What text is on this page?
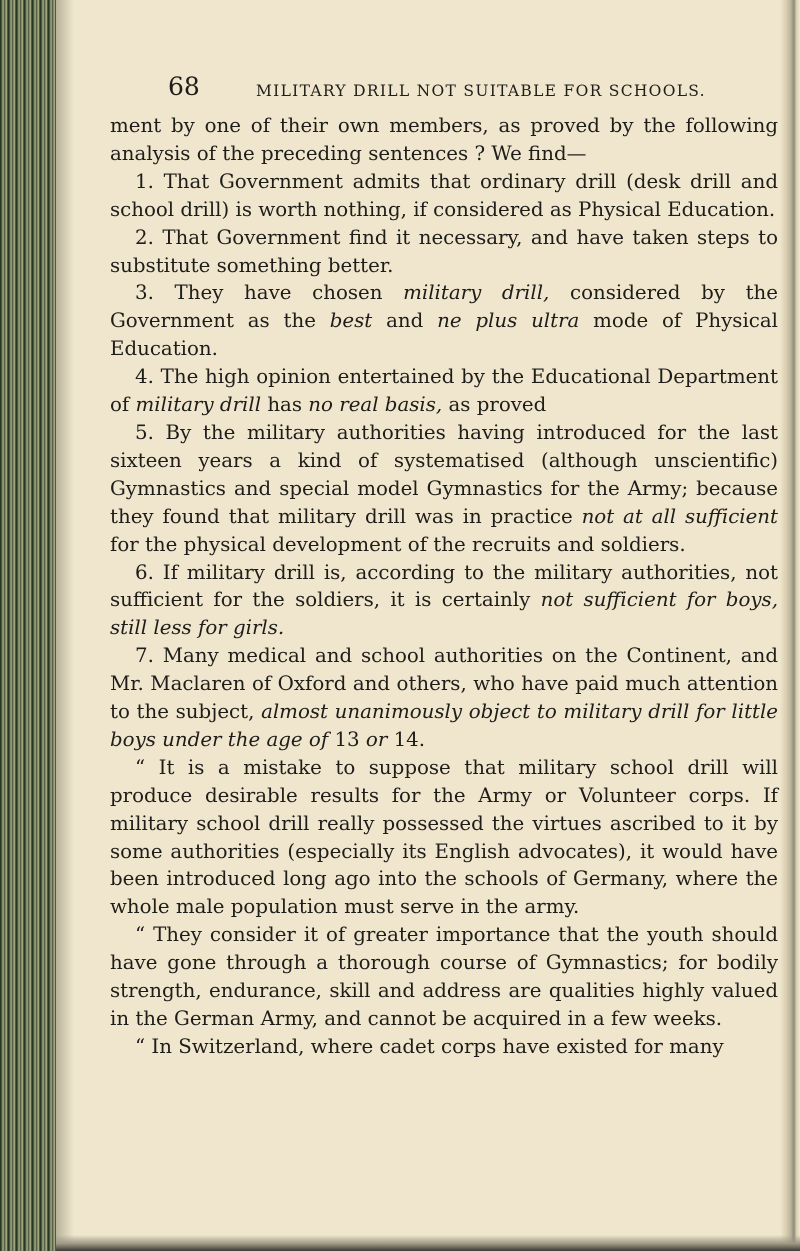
68	MILITARY DRILL NOT SUITABLE FOR SCHOOLS.

ment by one of their own members, as proved by the following analysis of the preceding sentences ? We find—

1. That Government admits that ordinary drill (desk drill and school drill) is worth nothing, if considered as Physical Education.

2. That Government find it necessary, and have taken steps to substitute something better.

3. They have chosen military drill, considered by the Government as the best and ne plus ultra mode of Physical Education.

4. The high opinion entertained by the Educational Department of military drill has no real basis, as proved

5. By the military authorities having introduced for the last sixteen years a kind of systematised (although unscientific) Gymnastics and special model Gymnastics for the Army; because they found that military drill was in practice not at all sufficient for the physical development of the recruits and soldiers.

6. If military drill is, according to the military authorities, not sufficient for the soldiers, it is certainly not sufficient for boys, still less for girls.

7. Many medical and school authorities on the Continent, and Mr. Maclaren of Oxford and others, who have paid much attention to the subject, almost unanimously object to military drill for little boys under the age of 13 or 14.

“ It is a mistake to suppose that military school drill will produce desirable results for the Army or Volunteer corps. If military school drill really possessed the virtues ascribed to it by some authorities (especially its English advocates), it would have been introduced long ago into the schools of Germany, where the whole male population must serve in the army.

“ They consider it of greater importance that the youth should have gone through a thorough course of Gymnastics; for bodily strength, endurance, skill and address are qualities highly valued in the German Army, and cannot be acquired in a few weeks.

“ In Switzerland, where cadet corps have existed for many
